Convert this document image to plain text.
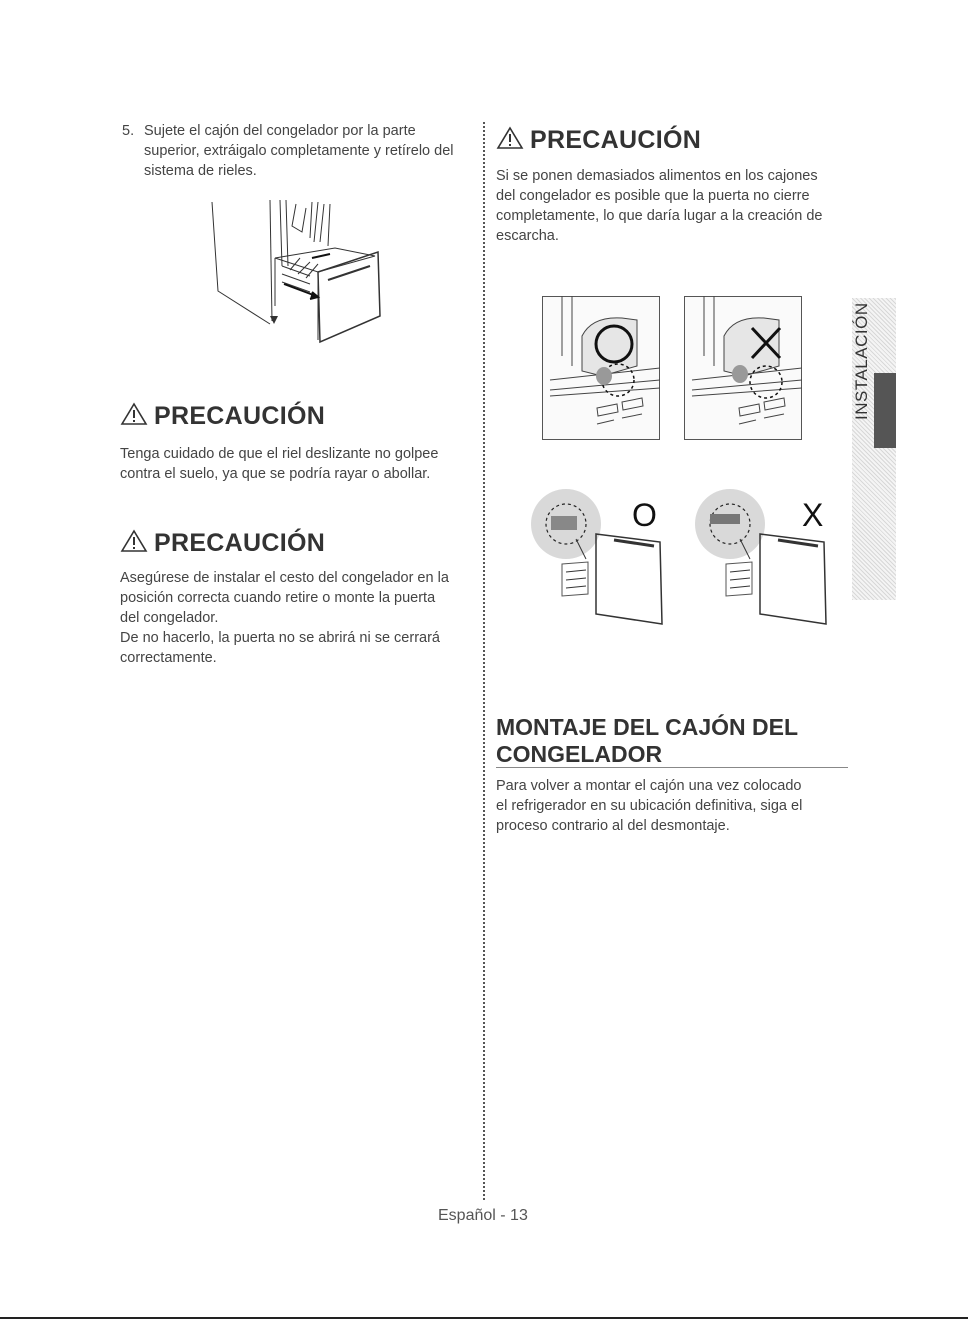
5. Sujete el cajón del congelador por la parte
superior, extráigalo completamente y retírelo del
sistema de rieles.
PRECAUCIÓN
Tenga cuidado de que el riel deslizante no golpee
contra el suelo, ya que se podría rayar o abollar.
PRECAUCIÓN
Asegúrese de instalar el cesto del congelador en la
posición correcta cuando retire o monte la puerta
del congelador.
De no hacerlo, la puerta no se abrirá ni se cerrará
correctamente.
PRECAUCIÓN
Si se ponen demasiados alimentos en los cajones
del congelador es posible que la puerta no cierre
completamente, lo que daría lugar a la creación de
escarcha.
O	X
MONTAJE DEL CAJÓN DEL
CONGELADOR
Para volver a montar el cajón una vez colocado
el refrigerador en su ubicación definitiva, siga el
proceso contrario al del desmontaje.
INSTALACIÓN
Español - 13
